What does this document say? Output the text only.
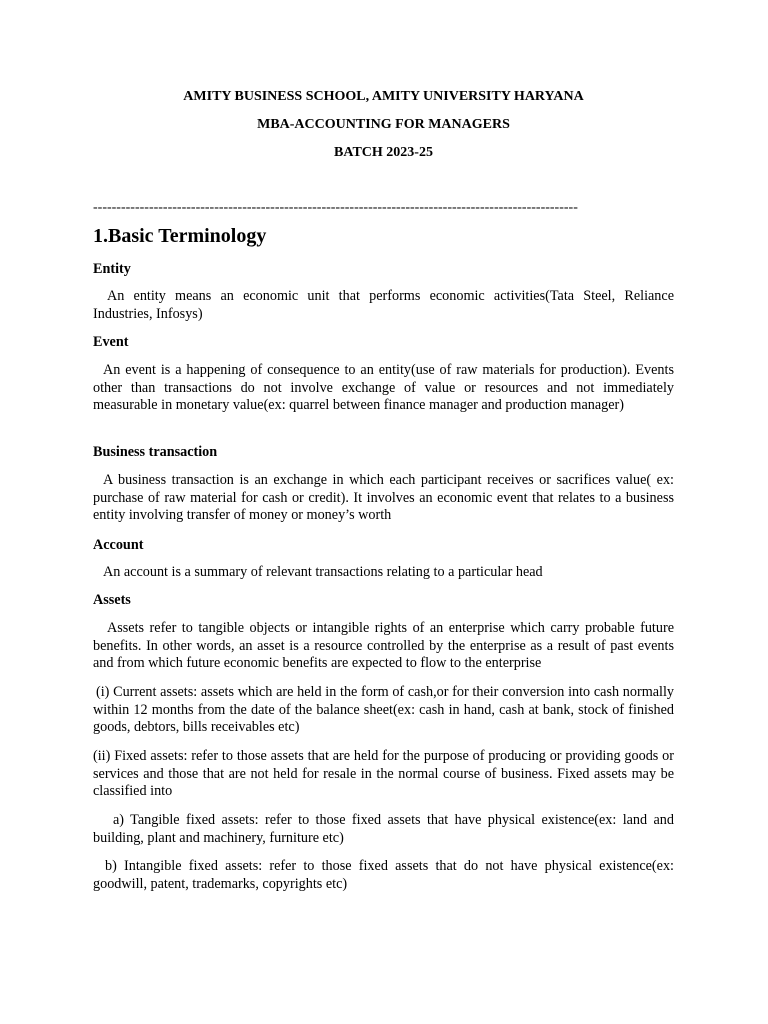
AMITY BUSINESS SCHOOL, AMITY UNIVERSITY HARYANA
MBA-ACCOUNTING FOR MANAGERS
BATCH 2023-25
--------------------------------------------------------------------------------------------------------
1.Basic Terminology
Entity
An entity means an economic unit that performs economic activities(Tata Steel, Reliance Industries, Infosys)
Event
An event is a happening of consequence to an entity(use of raw materials for production). Events other than transactions do not involve exchange of value or resources and not immediately measurable in monetary value(ex: quarrel between finance manager and production manager)
Business transaction
A business transaction is an exchange in which each participant receives or sacrifices value( ex: purchase of raw material for cash or credit). It involves an economic event that relates to a business entity involving transfer of money or money’s worth
Account
An account is a summary of relevant transactions relating to a particular head
Assets
Assets refer to tangible objects or intangible rights of an enterprise which carry probable future benefits. In other words, an asset is a resource controlled by the enterprise as a result of past events and from which future economic benefits are expected to flow to the enterprise
(i) Current assets: assets which are held in the form of cash,or for their conversion into cash normally within 12 months from the date of the balance sheet(ex: cash in hand, cash at bank, stock of finished goods, debtors, bills receivables etc)
(ii) Fixed assets: refer to those assets that are held for the purpose of producing or providing goods or services and those that are not held for resale in the normal course of business. Fixed assets may be classified into
a) Tangible fixed assets: refer to those fixed assets that have physical existence(ex: land and building, plant and machinery, furniture etc)
b) Intangible fixed assets: refer to those fixed assets that do not have physical existence(ex: goodwill, patent, trademarks, copyrights etc)
